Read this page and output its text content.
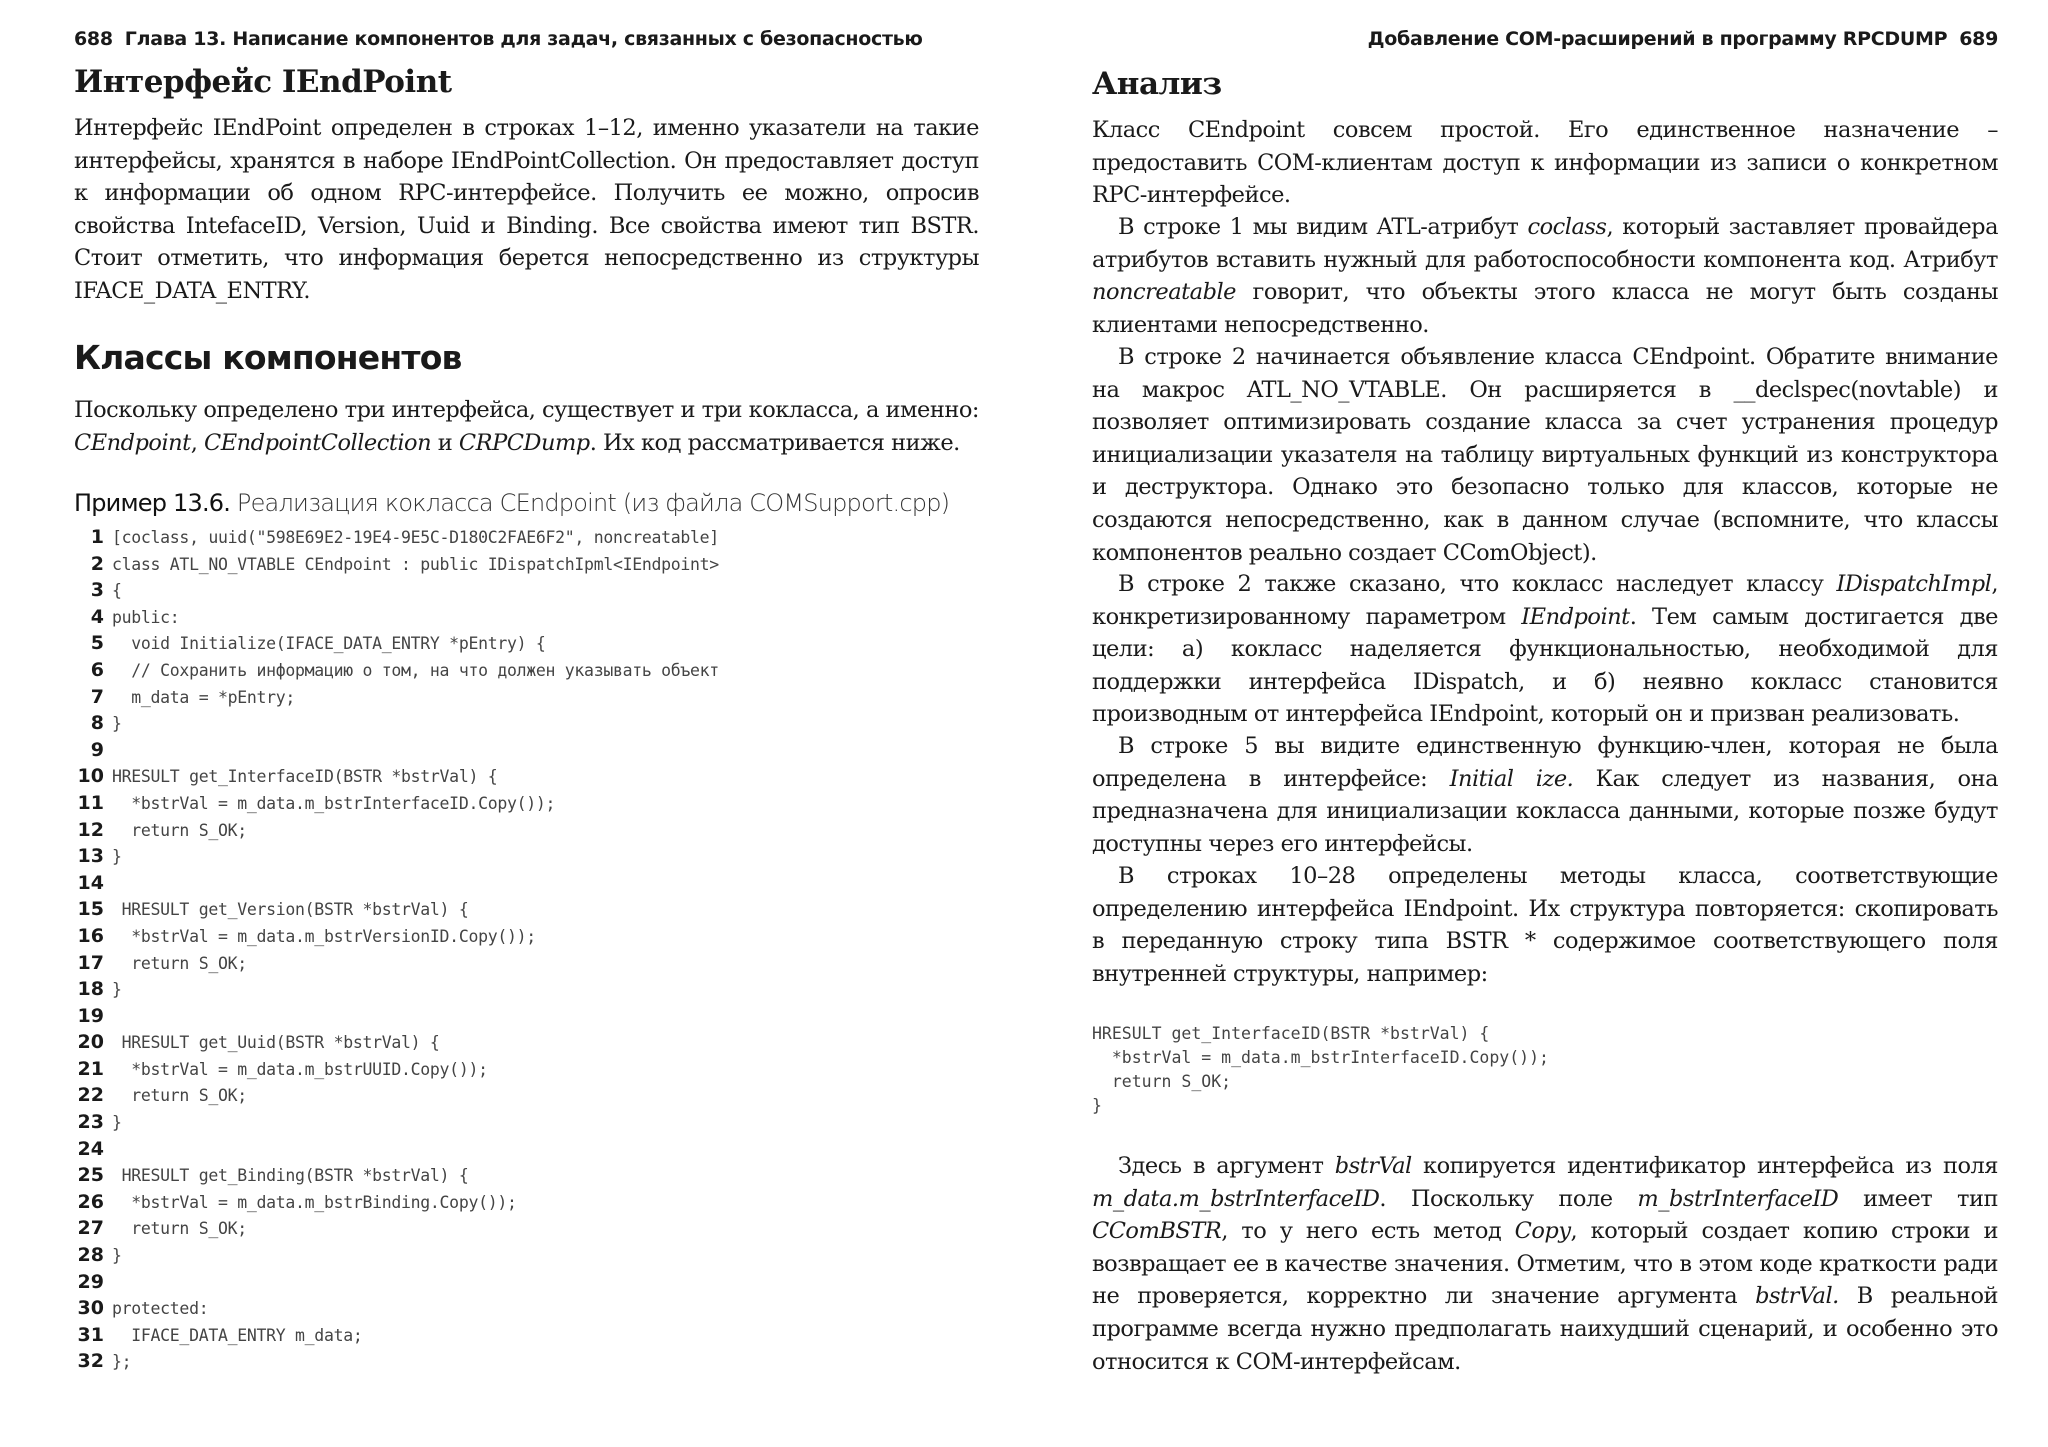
688 Глава 13. Написание компонентов для задач, связанных с безопасностью
Интерфейс IEndPoint
Интерфейс IEndPoint определен в строках 1–12, именно указатели на такие интерфейсы, хранятся в наборе IEndPointCollection. Он предоставляет доступ к информации об одном RPC-интерфейсе. Получить ее можно, опросив свойства IntefaceID, Version, Uuid и Binding. Все свойства имеют тип BSTR. Стоит отметить, что информация берется непосредственно из структуры IFACE_DATA_ENTRY.
Классы компонентов
Поскольку определено три интерфейса, существует и три кокласса, а именно: CEndpoint, CEndpointCollection и CRPCDump. Их код рассматривается ниже.
Пример 13.6. Реализация кокласса CEndpoint (из файла COMSupport.cpp)
1 [coclass, uuid("598E69E2-19E4-9E5C-D180C2FAE6F2", noncreatable]
2 class ATL_NO_VTABLE CEndpoint : public IDispatchIpml<IEndpoint>
3 {
4 public:
5  void Initialize(IFACE_DATA_ENTRY *pEntry) {
6  // Сохранить информацию о том, на что должен указывать объект
7  m_data = *pEntry;
8 }
9
10 HRESULT get_InterfaceID(BSTR *bstrVal) {
11  *bstrVal = m_data.m_bstrInterfaceID.Copy());
12  return S_OK;
13 }
14
15 HRESULT get_Version(BSTR *bstrVal) {
16  *bstrVal = m_data.m_bstrVersionID.Copy());
17  return S_OK;
18 }
19
20 HRESULT get_Uuid(BSTR *bstrVal) {
21  *bstrVal = m_data.m_bstrUUID.Copy());
22  return S_OK;
23 }
24
25 HRESULT get_Binding(BSTR *bstrVal) {
26  *bstrVal = m_data.m_bstrBinding.Copy());
27  return S_OK;
28 }
29
30 protected:
31  IFACE_DATA_ENTRY m_data;
32 };
Добавление COM-расширений в программу RPCDUMP 689
Анализ
Класс CEndpoint совсем простой. Его единственное назначение – предоставить COM-клиентам доступ к информации из записи о конкретном RPC-интерфейсе.
В строке 1 мы видим ATL-атрибут coclass, который заставляет провайдера атрибутов вставить нужный для работоспособности компонента код. Атрибут noncreatable говорит, что объекты этого класса не могут быть созданы клиентами непосредственно.
В строке 2 начинается объявление класса CEndpoint. Обратите внимание на макрос ATL_NO_VTABLE. Он расширяется в __declspec(novtable) и позволяет оптимизировать создание класса за счет устранения процедур инициализации указателя на таблицу виртуальных функций из конструктора и деструктора. Однако это безопасно только для классов, которые не создаются непосредственно, как в данном случае (вспомните, что классы компонентов реально создает CComObject).
В строке 2 также сказано, что кокласс наследует классу IDispatchImpl, конкретизированному параметром IEndpoint. Тем самым достигается две цели: а) кокласс наделяется функциональностью, необходимой для поддержки интерфейса IDispatch, и б) неявно кокласс становится производным от интерфейса IEndpoint, который он и призван реализовать.
В строке 5 вы видите единственную функцию-член, которая не была определена в интерфейсе: Initial ize. Как следует из названия, она предназначена для инициализации кокласса данными, которые позже будут доступны через его интерфейсы.
В строках 10–28 определены методы класса, соответствующие определению интерфейса IEndpoint. Их структура повторяется: скопировать в переданную строку типа BSTR * содержимое соответствующего поля внутренней структуры, например:
HRESULT get_InterfaceID(BSTR *bstrVal) {
*bstrVal = m_data.m_bstrInterfaceID.Copy());
return S_OK;
}
Здесь в аргумент bstrVal копируется идентификатор интерфейса из поля m_data.m_bstrInterfaceID. Поскольку поле m_bstrInterfaceID имеет тип CComBSTR, то у него есть метод Copy, который создает копию строки и возвращает ее в качестве значения. Отметим, что в этом коде краткости ради не проверяется, корректно ли значение аргумента bstrVal. В реальной программе всегда нужно предполагать наихудший сценарий, и особенно это относится к COM-интерфейсам.
